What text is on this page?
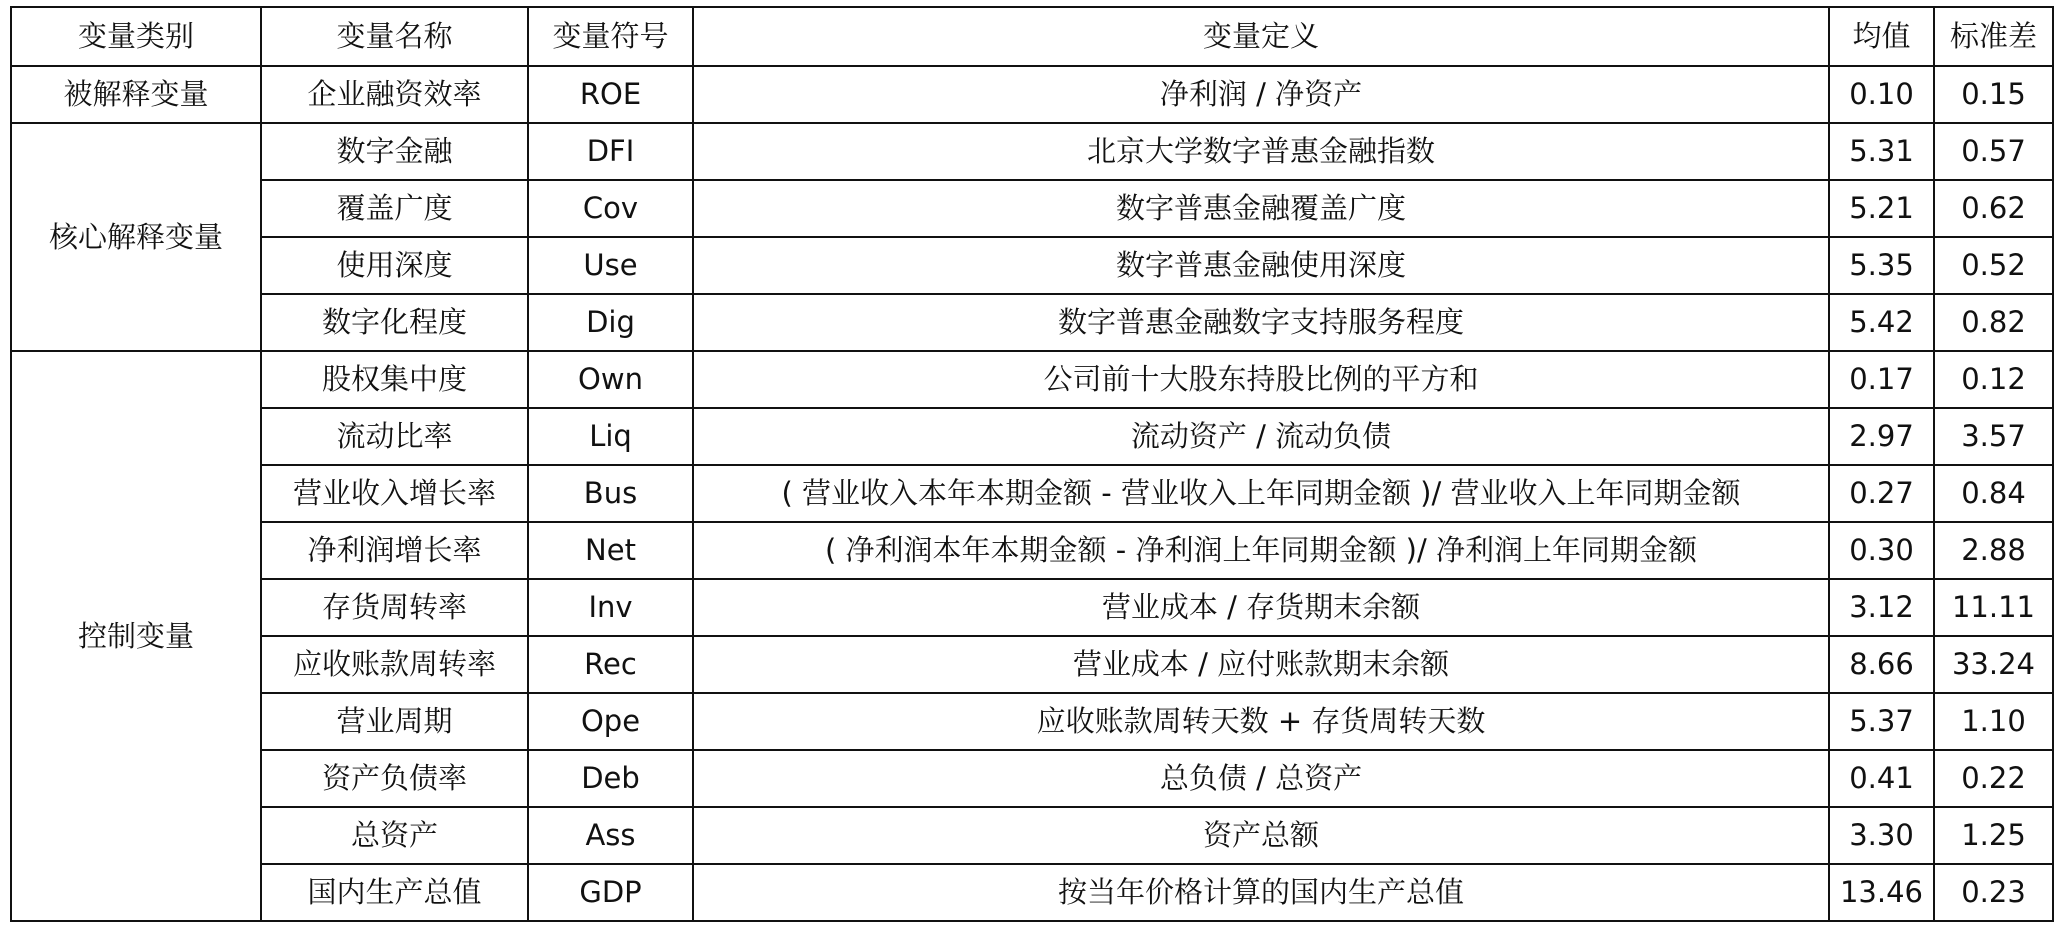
变量类别	变量名称	变量符号	变量定义	均值	标准差
被解释变量	企业融资效率	ROE	净利润 / 净资产	0.10	0.15
核心解释变量	数字金融	DFI	北京大学数字普惠金融指数	5.31	0.57
	覆盖广度	Cov	数字普惠金融覆盖广度	5.21	0.62
	使用深度	Use	数字普惠金融使用深度	5.35	0.52
	数字化程度	Dig	数字普惠金融数字支持服务程度	5.42	0.82
控制变量	股权集中度	Own	公司前十大股东持股比例的平方和	0.17	0.12
	流动比率	Liq	流动资产 / 流动负债	2.97	3.57
	营业收入增长率	Bus	( 营业收入本年本期金额 - 营业收入上年同期金额 )/ 营业收入上年同期金额	0.27	0.84
	净利润增长率	Net	( 净利润本年本期金额 - 净利润上年同期金额 )/ 净利润上年同期金额	0.30	2.88
	存货周转率	Inv	营业成本 / 存货期末余额	3.12	11.11
	应收账款周转率	Rec	营业成本 / 应付账款期末余额	8.66	33.24
	营业周期	Ope	应收账款周转天数 + 存货周转天数	5.37	1.10
	资产负债率	Deb	总负债 / 总资产	0.41	0.22
	总资产	Ass	资产总额	3.30	1.25
	国内生产总值	GDP	按当年价格计算的国内生产总值	13.46	0.23
